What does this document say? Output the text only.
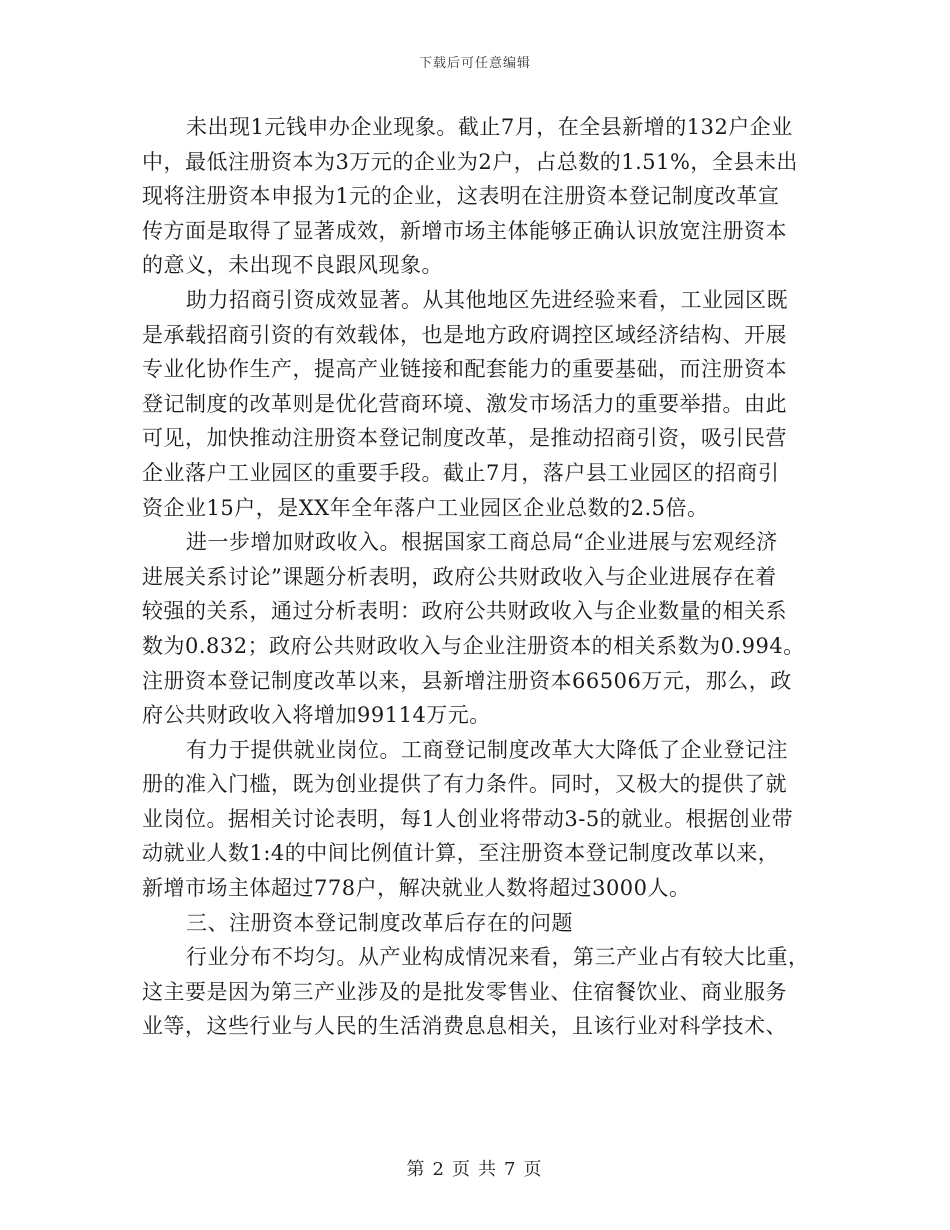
下载后可任意编辑

未出现1元钱申办企业现象。截止7月，在全县新增的132户企业
中，最低注册资本为3万元的企业为2户，占总数的1.51%，全县未出
现将注册资本申报为1元的企业，这表明在注册资本登记制度改革宣
传方面是取得了显著成效，新增市场主体能够正确认识放宽注册资本
的意义，未出现不良跟风现象。

助力招商引资成效显著。从其他地区先进经验来看，工业园区既
是承载招商引资的有效载体，也是地方政府调控区域经济结构、开展
专业化协作生产，提高产业链接和配套能力的重要基础，而注册资本
登记制度的改革则是优化营商环境、激发市场活力的重要举措。由此
可见，加快推动注册资本登记制度改革，是推动招商引资，吸引民营
企业落户工业园区的重要手段。截止7月，落户县工业园区的招商引
资企业15户，是XX年全年落户工业园区企业总数的2.5倍。

进一步增加财政收入。根据国家工商总局“企业进展与宏观经济
进展关系讨论”课题分析表明，政府公共财政收入与企业进展存在着
较强的关系，通过分析表明：政府公共财政收入与企业数量的相关系
数为0.832；政府公共财政收入与企业注册资本的相关系数为0.994。
注册资本登记制度改革以来，县新增注册资本66506万元，那么，政
府公共财政收入将增加99114万元。

有力于提供就业岗位。工商登记制度改革大大降低了企业登记注
册的准入门槛，既为创业提供了有力条件。同时，又极大的提供了就
业岗位。据相关讨论表明，每1人创业将带动3-5的就业。根据创业带
动就业人数1:4的中间比例值计算，至注册资本登记制度改革以来，
新增市场主体超过778户，解决就业人数将超过3000人。

三、注册资本登记制度改革后存在的问题

行业分布不均匀。从产业构成情况来看，第三产业占有较大比重，
这主要是因为第三产业涉及的是批发零售业、住宿餐饮业、商业服务
业等，这些行业与人民的生活消费息息相关，且该行业对科学技术、

第 2 页 共 7 页
